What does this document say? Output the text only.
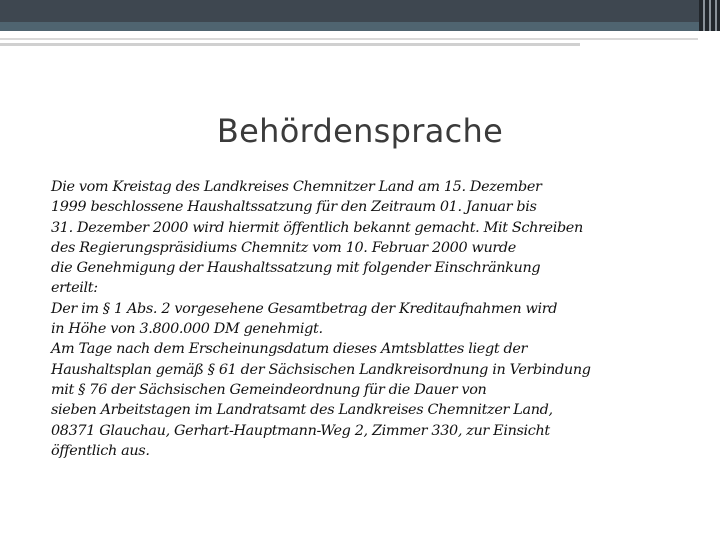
Behördensprache
Die vom Kreistag des Landkreises Chemnitzer Land am 15. Dezember
1999 beschlossene Haushaltssatzung für den Zeitraum 01. Januar bis
31. Dezember 2000 wird hiermit öffentlich bekannt gemacht. Mit Schreiben
des Regierungspräsidiums Chemnitz vom 10. Februar 2000 wurde
die Genehmigung der Haushaltssatzung mit folgender Einschränkung
erteilt:
Der im § 1 Abs. 2 vorgesehene Gesamtbetrag der Kreditaufnahmen wird
in Höhe von 3.800.000 DM genehmigt.
Am Tage nach dem Erscheinungsdatum dieses Amtsblattes liegt der
Haushaltsplan gemäß § 61 der Sächsischen Landkreisordnung in Verbindung
mit § 76 der Sächsischen Gemeindeordnung für die Dauer von
sieben Arbeitstagen im Landratsamt des Landkreises Chemnitzer Land,
08371 Glauchau, Gerhart-Hauptmann-Weg 2, Zimmer 330, zur Einsicht
öffentlich aus.
